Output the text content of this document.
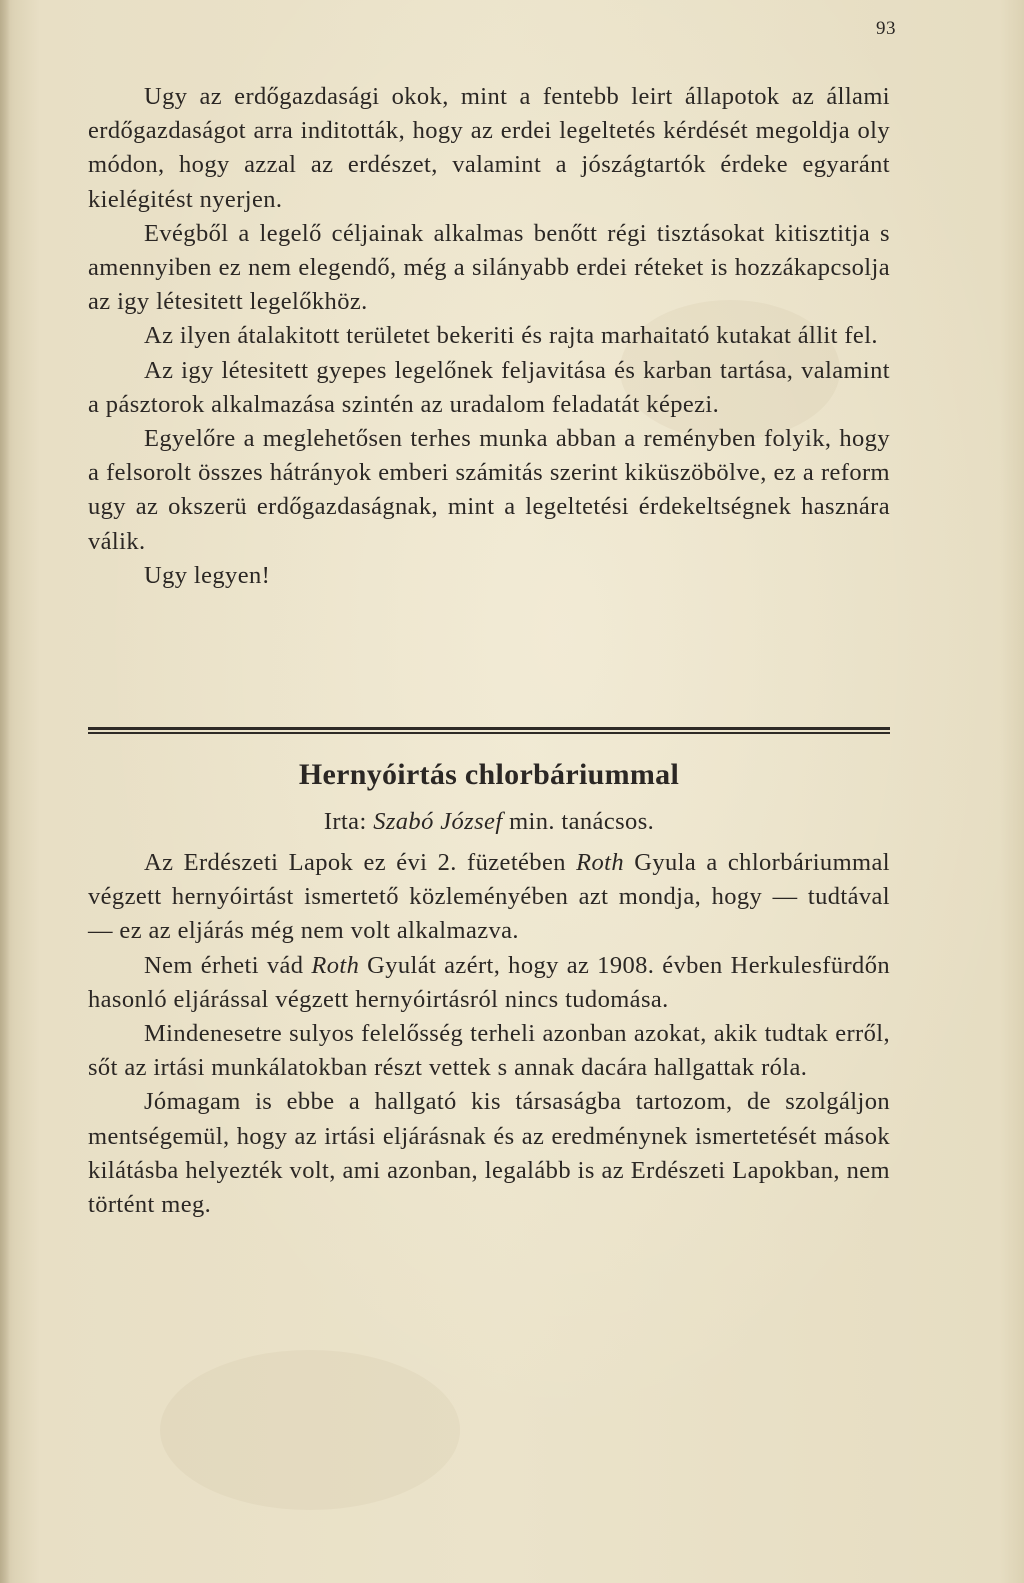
93

Ugy az erdőgazdasági okok, mint a fentebb leirt állapotok az állami erdőgazdaságot arra inditották, hogy az erdei legeltetés kérdését megoldja oly módon, hogy azzal az erdészet, valamint a jószágtartók érdeke egyaránt kielégitést nyerjen.

Evégből a legelő céljainak alkalmas benőtt régi tisztásokat kitisztitja s amennyiben ez nem elegendő, még a silányabb erdei réteket is hozzákapcsolja az igy létesitett legelőkhöz.

Az ilyen átalakitott területet bekeriti és rajta marhaitató kutakat állit fel.

Az igy létesitett gyepes legelőnek feljavitása és karban tartása, valamint a pásztorok alkalmazása szintén az uradalom feladatát képezi.

Egyelőre a meglehetősen terhes munka abban a reményben folyik, hogy a felsorolt összes hátrányok emberi számitás szerint kiküszöbölve, ez a reform ugy az okszerü erdőgazdaságnak, mint a legeltetési érdekeltségnek hasznára válik.

Ugy legyen!

Hernyóirtás chlorbáriummal
Irta: Szabó József min. tanácsos.

Az Erdészeti Lapok ez évi 2. füzetében Roth Gyula a chlorbáriummal végzett hernyóirtást ismertető közleményében azt mondja, hogy — tudtával — ez az eljárás még nem volt alkalmazva.

Nem érheti vád Roth Gyulát azért, hogy az 1908. évben Herkulesfürdőn hasonló eljárással végzett hernyóirtásról nincs tudomása.

Mindenesetre sulyos felelősség terheli azonban azokat, akik tudtak erről, sőt az irtási munkálatokban részt vettek s annak dacára hallgattak róla.

Jómagam is ebbe a hallgató kis társaságba tartozom, de szolgáljon mentségemül, hogy az irtási eljárásnak és az eredménynek ismertetését mások kilátásba helyezték volt, ami azonban, legalább is az Erdészeti Lapokban, nem történt meg.
